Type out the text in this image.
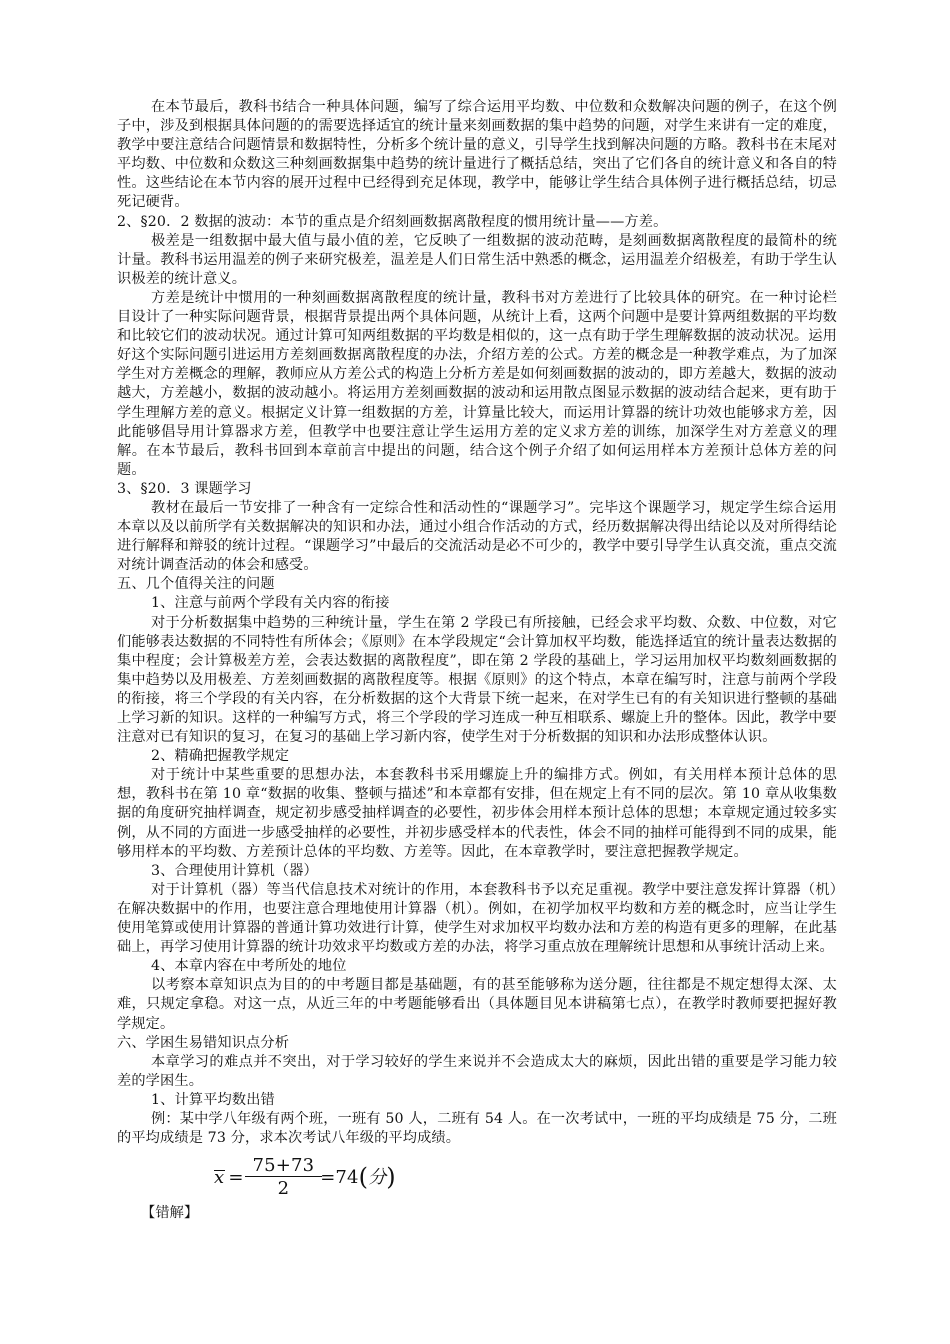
在本节最后，教科书结合一种具体问题，编写了综合运用平均数、中位数和众数解决问题的例子，在这个例子中，涉及到根据具体问题的的需要选择适宜的统计量来刻画数据的集中趋势的问题，对学生来讲有一定的难度，教学中要注意结合问题情景和数据特性，分析多个统计量的意义，引导学生找到解决问题的方略。教科书在末尾对平均数、中位数和众数这三种刻画数据集中趋势的统计量进行了概括总结，突出了它们各自的统计意义和各自的特性。这些结论在本节内容的展开过程中已经得到充足体现，教学中，能够让学生结合具体例子进行概括总结，切忌死记硬背。

2、§20．2 数据的波动：本节的重点是介绍刻画数据离散程度的惯用统计量——方差。

极差是一组数据中最大值与最小值的差，它反映了一组数据的波动范畴，是刻画数据离散程度的最简朴的统计量。教科书运用温差的例子来研究极差，温差是人们日常生活中熟悉的概念，运用温差介绍极差，有助于学生认识极差的统计意义。

方差是统计中惯用的一种刻画数据离散程度的统计量，教科书对方差进行了比较具体的研究。在一种讨论栏目设计了一种实际问题背景，根据背景提出两个具体问题，从统计上看，这两个问题中是要计算两组数据的平均数和比较它们的波动状况。通过计算可知两组数据的平均数是相似的，这一点有助于学生理解数据的波动状况。运用好这个实际问题引进运用方差刻画数据离散程度的办法，介绍方差的公式。方差的概念是一种教学难点，为了加深学生对方差概念的理解，教师应从方差公式的构造上分析方差是如何刻画数据的波动的，即方差越大，数据的波动越大，方差越小，数据的波动越小。将运用方差刻画数据的波动和运用散点图显示数据的波动结合起来，更有助于学生理解方差的意义。根据定义计算一组数据的方差，计算量比较大，而运用计算器的统计功效也能够求方差，因此能够倡导用计算器求方差，但教学中也要注意让学生运用方差的定义求方差的训练，加深学生对方差意义的理解。在本节最后，教科书回到本章前言中提出的问题，结合这个例子介绍了如何运用样本方差预计总体方差的问题。

3、§20．3 课题学习

教材在最后一节安排了一种含有一定综合性和活动性的“课题学习”。完毕这个课题学习，规定学生综合运用本章以及以前所学有关数据解决的知识和办法，通过小组合作活动的方式，经历数据解决得出结论以及对所得结论进行解释和辩驳的统计过程。“课题学习”中最后的交流活动是必不可少的，教学中要引导学生认真交流，重点交流对统计调查活动的体会和感受。

五、几个值得关注的问题

1、注意与前两个学段有关内容的衔接

对于分析数据集中趋势的三种统计量，学生在第 2 学段已有所接触，已经会求平均数、众数、中位数，对它们能够表达数据的不同特性有所体会；《原则》在本学段规定“会计算加权平均数，能选择适宜的统计量表达数据的集中程度；会计算极差方差，会表达数据的离散程度”，即在第 2 学段的基础上，学习运用加权平均数刻画数据的集中趋势以及用极差、方差刻画数据的离散程度等。根据《原则》的这个特点，本章在编写时，注意与前两个学段的衔接，将三个学段的有关内容，在分析数据的这个大背景下统一起来，在对学生已有的有关知识进行整顿的基础上学习新的知识。这样的一种编写方式，将三个学段的学习连成一种互相联系、螺旋上升的整体。因此，教学中要注意对已有知识的复习，在复习的基础上学习新内容，使学生对于分析数据的知识和办法形成整体认识。

2、精确把握教学规定

对于统计中某些重要的思想办法，本套教科书采用螺旋上升的编排方式。例如，有关用样本预计总体的思想，教科书在第 10 章“数据的收集、整顿与描述”和本章都有安排，但在规定上有不同的层次。第 10 章从收集数据的角度研究抽样调查，规定初步感受抽样调查的必要性，初步体会用样本预计总体的思想；本章规定通过较多实例，从不同的方面进一步感受抽样的必要性，并初步感受样本的代表性，体会不同的抽样可能得到不同的成果，能够用样本的平均数、方差预计总体的平均数、方差等。因此，在本章教学时，要注意把握教学规定。

3、合理使用计算机（器）

对于计算机（器）等当代信息技术对统计的作用，本套教科书予以充足重视。教学中要注意发挥计算器（机）在解决数据中的作用，也要注意合理地使用计算器（机）。例如，在初学加权平均数和方差的概念时，应当让学生使用笔算或使用计算器的普通计算功效进行计算，使学生对求加权平均数办法和方差的构造有更多的理解，在此基础上，再学习使用计算器的统计功效求平均数或方差的办法，将学习重点放在理解统计思想和从事统计活动上来。

4、本章内容在中考所处的地位

以考察本章知识点为目的的中考题目都是基础题，有的甚至能够称为送分题，往往都是不规定想得太深、太难，只规定拿稳。对这一点，从近三年的中考题能够看出（具体题目见本讲稿第七点），在教学时教师要把握好教学规定。

六、学困生易错知识点分析

本章学习的难点并不突出，对于学习较好的学生来说并不会造成太大的麻烦，因此出错的重要是学习能力较差的学困生。

1、计算平均数出错

例：某中学八年级有两个班，一班有 50 人，二班有 54 人。在一次考试中，一班的平均成绩是 75 分，二班的平均成绩是 73 分，求本次考试八年级的平均成绩。

【错解】
$x = \frac{75+73}{2} =74$ ( 分 )
